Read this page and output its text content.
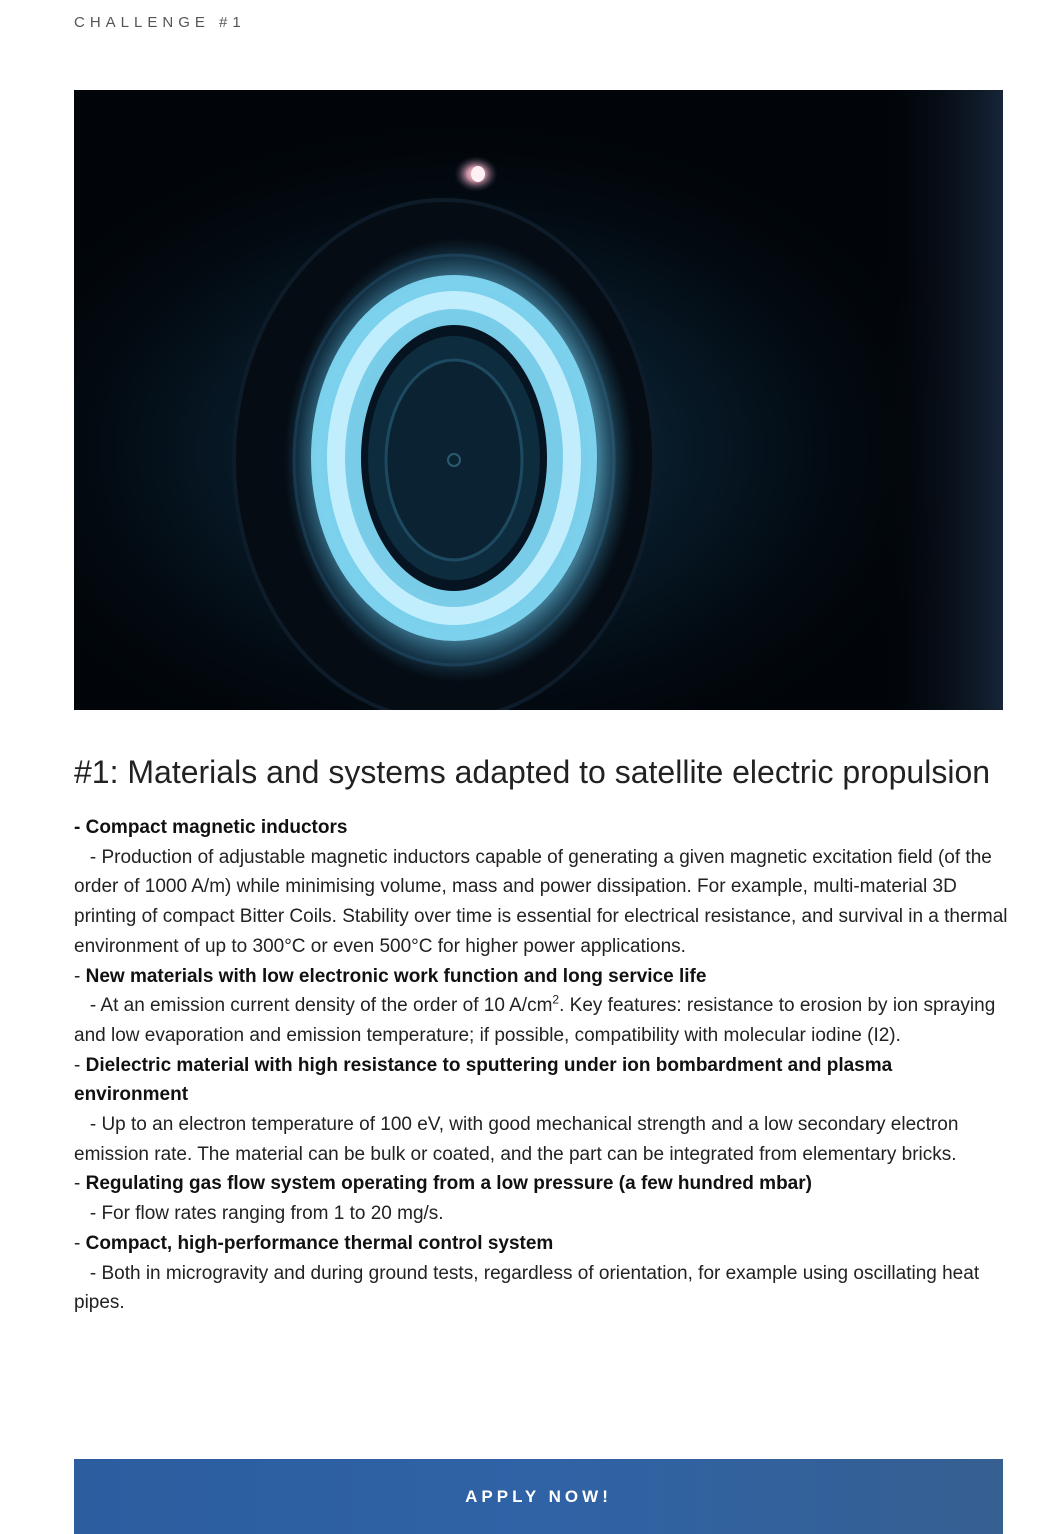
CHALLENGE #1
#1: Materials and systems adapted to satellite electric propulsion

- Compact magnetic inductors

- Production of adjustable magnetic inductors capable of generating a given magnetic excitation field (of the order of 1000 A/m) while minimising volume, mass and power dissipation. For example, multi-material 3D printing of compact Bitter Coils. Stability over time is essential for electrical resistance, and survival in a thermal environment of up to 300°C or even 500°C for higher power applications.

- New materials with low electronic work function and long service life

- At an emission current density of the order of 10 $A/cm^2$. Key features: resistance to erosion by ion spraying and low evaporation and emission temperature; if possible, compatibility with molecular iodine (I2).

- Dielectric material with high resistance to sputtering under ion bombardment and plasma environment

- Up to an electron temperature of 100 eV, with good mechanical strength and a low secondary electron emission rate. The material can be bulk or coated, and the part can be integrated from elementary bricks.

- Regulating gas flow system operating from a low pressure (a few hundred mbar)

- For flow rates ranging from 1 to 20 mg/s.

- Compact, high-performance thermal control system

- Both in microgravity and during ground tests, regardless of orientation, for example using oscillating heat pipes.

APPLY NOW!
